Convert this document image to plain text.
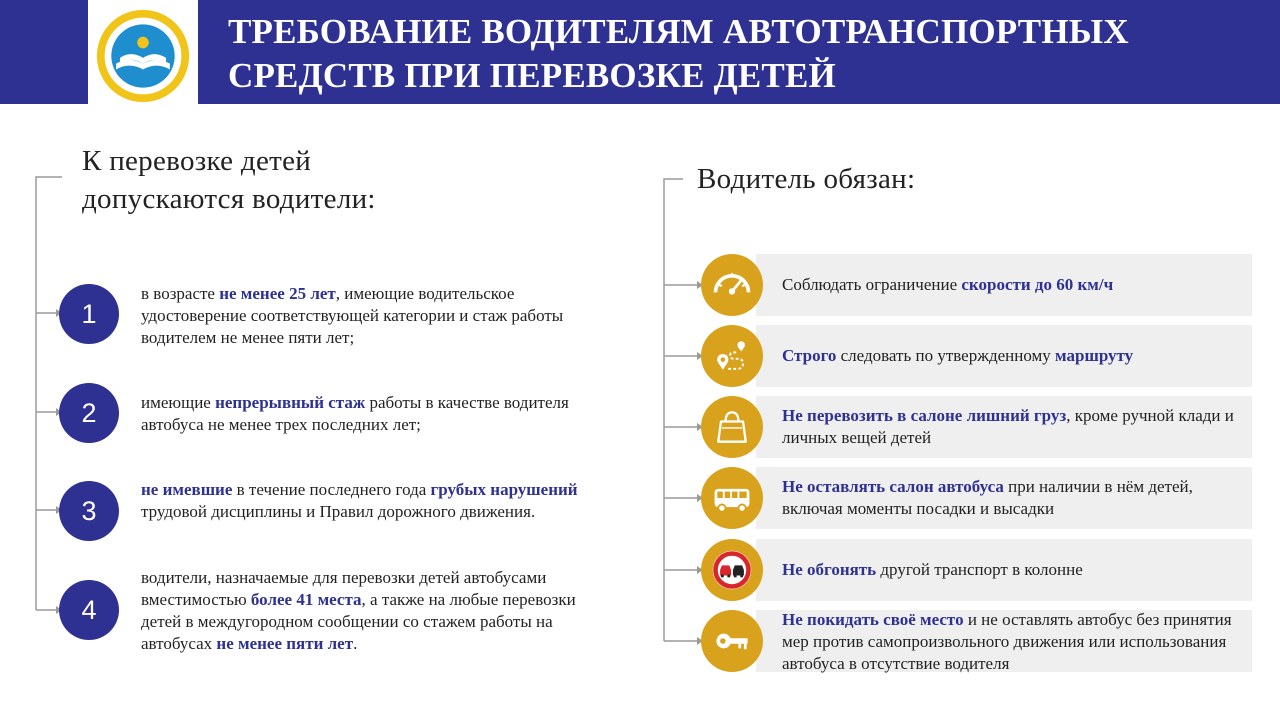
ТРЕБОВАНИЕ ВОДИТЕЛЯМ АВТОТРАНСПОРТНЫХ
СРЕДСТВ ПРИ ПЕРЕВОЗКЕ ДЕТЕЙ
К перевозке детей
допускаются водители:
1
2
3
4
в возрасте не менее 25 лет, имеющие водительское удостоверение соответствующей категории и стаж работы водителем не менее пяти лет;
имеющие непрерывный стаж работы в качестве водителя автобуса не менее трех последних лет;
не имевшие в течение последнего года грубых нарушений трудовой дисциплины и Правил дорожного движения.
водители, назначаемые для перевозки детей автобусами вместимостью более 41 места, а также на любые перевозки детей в междугородном сообщении со стажем работы на автобусах не менее пяти лет.
Водитель обязан:
Соблюдать ограничение скорости до 60 км/ч
Строго следовать по утвержденному маршруту
Не перевозить в салоне лишний груз, кроме ручной клади и личных вещей детей
Не оставлять салон автобуса при наличии в нём детей, включая моменты посадки и высадки
Не обгонять другой транспорт в колонне
Не покидать своё место и не оставлять автобус без принятия мер против самопроизвольного движения или использования автобуса в отсутствие водителя
